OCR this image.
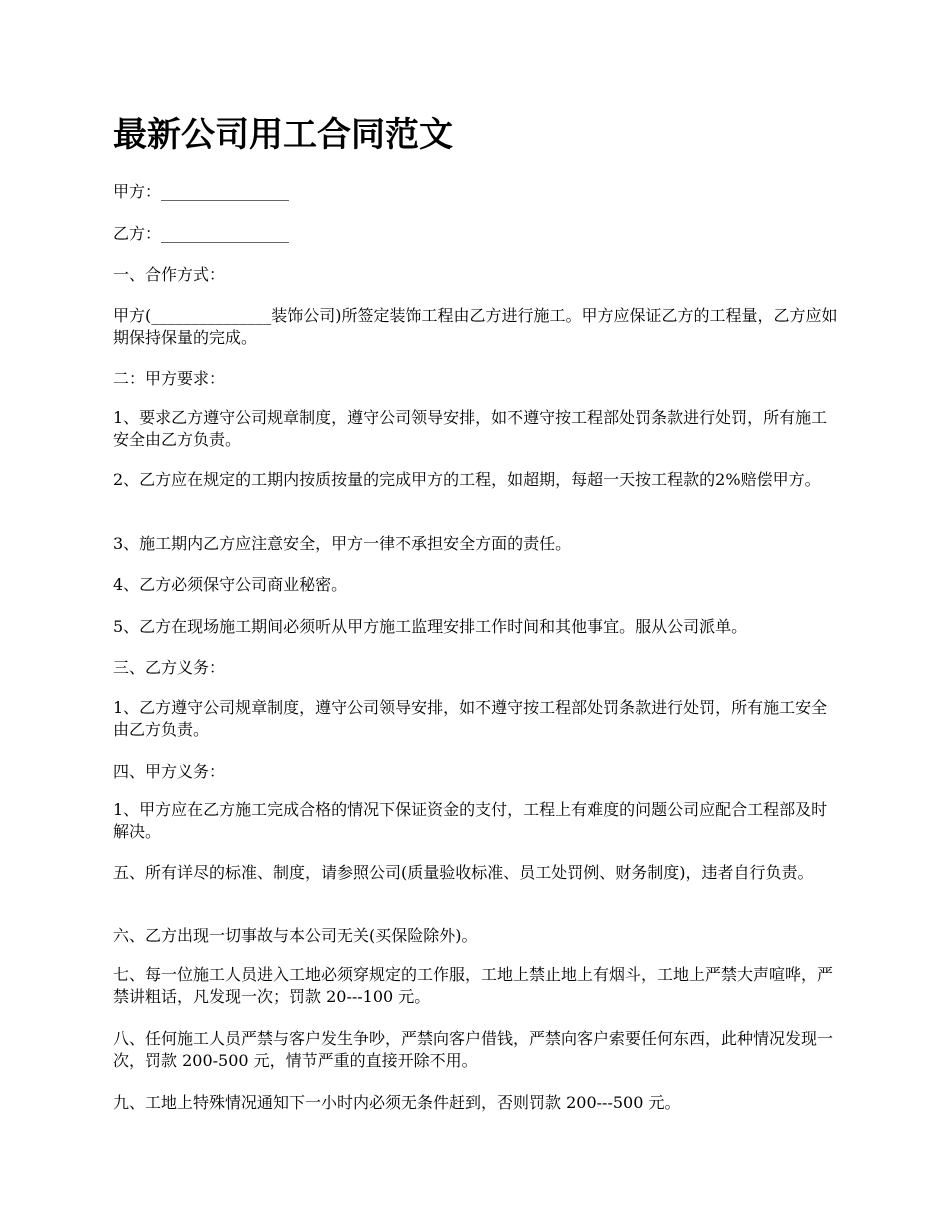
最新公司用工合同范文

甲方：________________

乙方：________________

一、合作方式：

甲方(_______________装饰公司)所签定装饰工程由乙方进行施工。甲方应保证乙方的工程量，乙方应如期保持保量的完成。

二：甲方要求：

1、要求乙方遵守公司规章制度，遵守公司领导安排，如不遵守按工程部处罚条款进行处罚，所有施工安全由乙方负责。

2、乙方应在规定的工期内按质按量的完成甲方的工程，如超期，每超一天按工程款的2%赔偿甲方。

3、施工期内乙方应注意安全，甲方一律不承担安全方面的责任。

4、乙方必须保守公司商业秘密。

5、乙方在现场施工期间必须听从甲方施工监理安排工作时间和其他事宜。服从公司派单。

三、乙方义务：

1、乙方遵守公司规章制度，遵守公司领导安排，如不遵守按工程部处罚条款进行处罚，所有施工安全由乙方负责。

四、甲方义务：

1、甲方应在乙方施工完成合格的情况下保证资金的支付，工程上有难度的问题公司应配合工程部及时解决。

五、所有详尽的标准、制度，请参照公司(质量验收标准、员工处罚例、财务制度)，违者自行负责。

六、乙方出现一切事故与本公司无关(买保险除外)。

七、每一位施工人员进入工地必须穿规定的工作服，工地上禁止地上有烟斗，工地上严禁大声喧哗，严禁讲粗话，凡发现一次；罚款 20---100 元。

八、任何施工人员严禁与客户发生争吵，严禁向客户借钱，严禁向客户索要任何东西，此种情况发现一次，罚款 200-500 元，情节严重的直接开除不用。

九、工地上特殊情况通知下一小时内必须无条件赶到，否则罚款 200---500 元。
